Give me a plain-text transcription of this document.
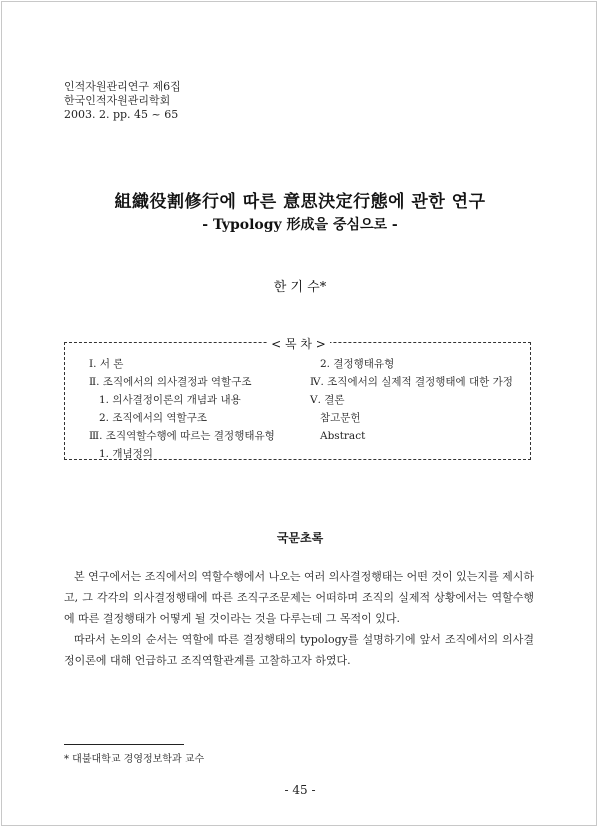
인적자원관리연구 제6집
한국인적자원관리학회
2003. 2. pp. 45 ~ 65
組織役割修行에 따른 意思決定行態에 관한 연구
- Typology 形成을 중심으로 -
한 기 수*
< 목 차 >
Ⅰ. 서 론
Ⅱ. 조직에서의 의사결정과 역할구조
1. 의사결정이론의 개념과 내용
2. 조직에서의 역할구조
Ⅲ. 조직역할수행에 따르는 결정행태유형
1. 개념정의
2. 결정행태유형
Ⅳ. 조직에서의 실제적 결정행태에 대한 가정
Ⅴ. 결론
참고문헌
Abstract
국문초록

본 연구에서는 조직에서의 역할수행에서 나오는 여러 의사결정행태는 어떤 것이 있는지를 제시하고, 그 각각의 의사결정행태에 따른 조직구조문제는 어떠하며 조직의 실제적 상황에서는 역할수행에 따른 결정행태가 어떻게 될 것이라는 것을 다루는데 그 목적이 있다.

따라서 논의의 순서는 역할에 따른 결정행태의 typology를 설명하기에 앞서 조직에서의 의사결정이론에 대해 언급하고 조직역할관계를 고찰하고자 하였다.

* 대불대학교 경영정보학과 교수
- 45 -
